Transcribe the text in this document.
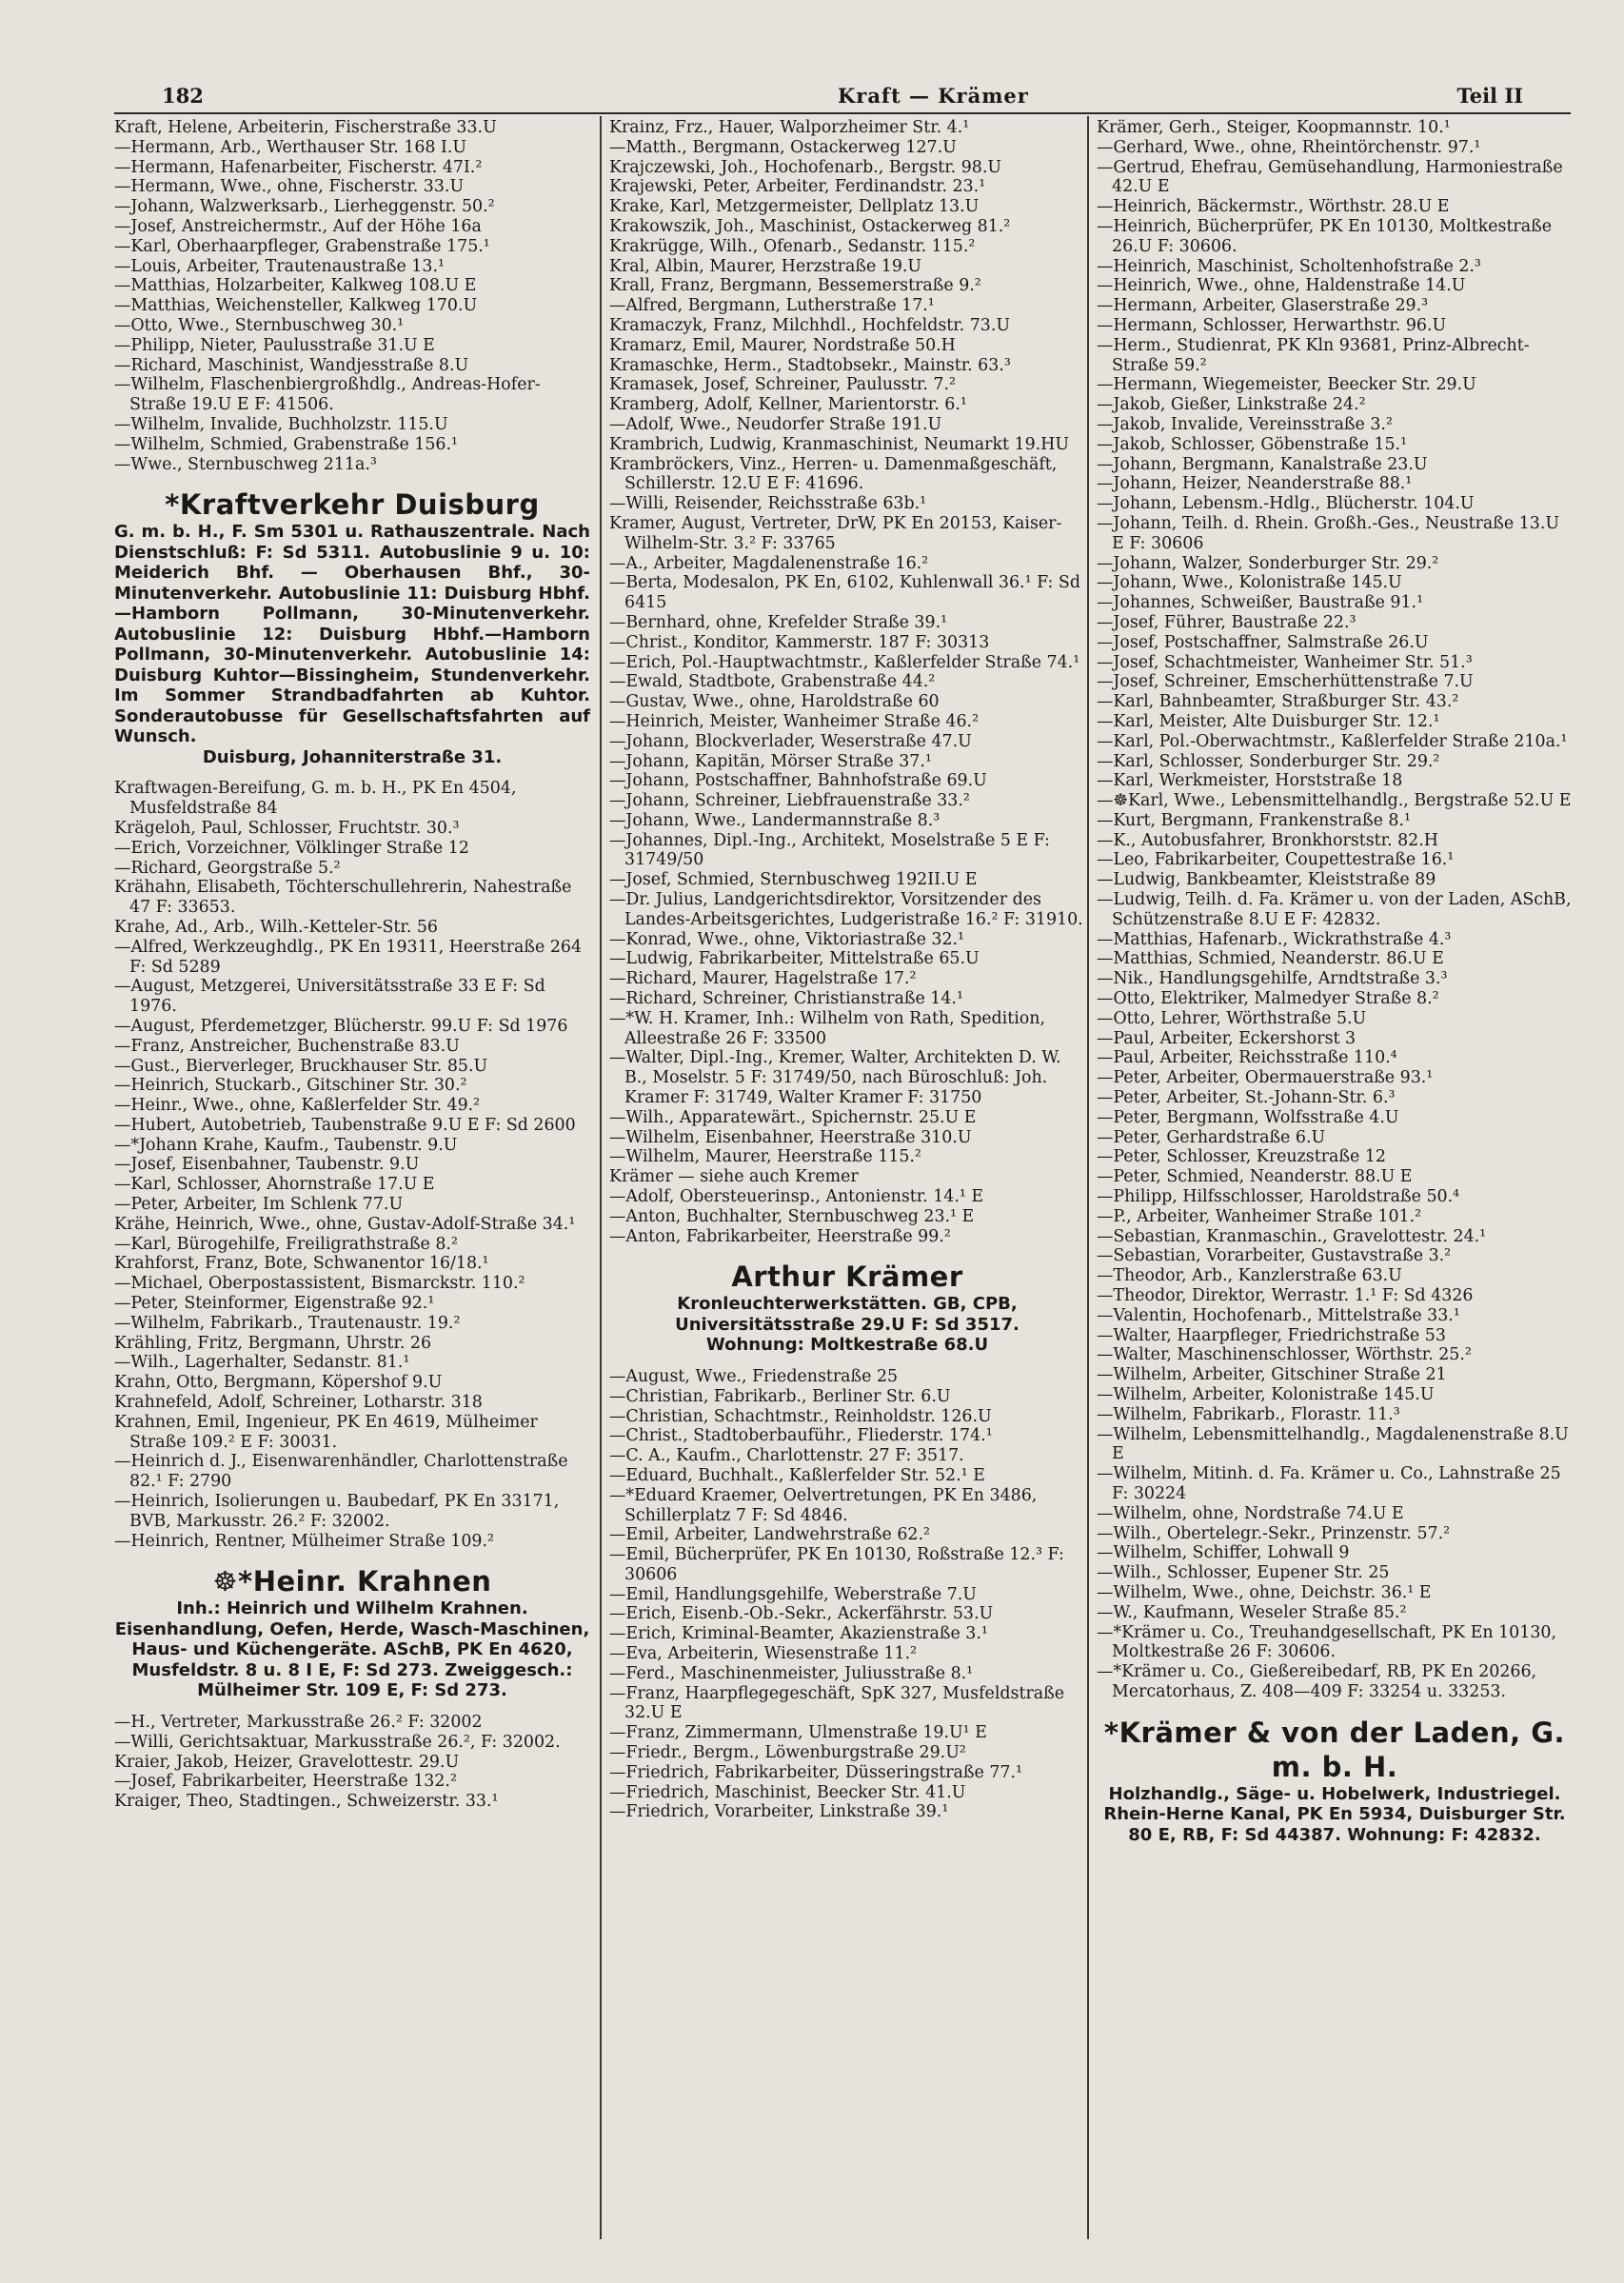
182	Kraft — Krämer	Teil II
Kraft, Helene, Arbeiterin, Fischerstraße 33.U
—Hermann, Arb., Werthauser Str. 168 I.U
—Hermann, Hafenarbeiter, Fischerstr. 47I.²
—Hermann, Wwe., ohne, Fischerstr. 33.U
—Johann, Walzwerksarb., Lierheggenstr. 50.²
—Josef, Anstreichermstr., Auf der Höhe 16a
—Karl, Oberhaarpfleger, Grabenstraße 175.¹
—Louis, Arbeiter, Trautenaustraße 13.¹
—Matthias, Holzarbeiter, Kalkweg 108.U E
—Matthias, Weichensteller, Kalkweg 170.U
—Otto, Wwe., Sternbuschweg 30.¹
—Philipp, Nieter, Paulusstraße 31.U E
—Richard, Maschinist, Wandjesstraße 8.U
—Wilhelm, Flaschenbiergroßhdlg., Andreas-Hofer-Straße 19.U E F: 41506.
—Wilhelm, Invalide, Buchholzstr. 115.U
—Wilhelm, Schmied, Grabenstraße 156.¹
—Wwe., Sternbuschweg 211a.³
*Kraftverkehr Duisburg
G. m. b. H., F. Sm 5301 u. Rathauszentrale. Nach Dienstschluß: F: Sd 5311. Autobuslinie 9 u. 10: Meiderich Bhf. — Oberhausen Bhf., 30-Minutenverkehr. Autobuslinie 11: Duisburg Hbhf.—Hamborn Pollmann, 30-Minutenverkehr. Autobuslinie 12: Duisburg Hbhf.—Hamborn Pollmann, 30-Minutenverkehr. Autobuslinie 14: Duisburg Kuhtor—Bissingheim, Stundenverkehr. Im Sommer Strandbadfahrten ab Kuhtor. Sonderautobusse für Gesellschaftsfahrten auf Wunsch.
Duisburg, Johanniterstraße 31.
Kraftwagen-Bereifung, G. m. b. H., PK En 4504, Musfeldstraße 84
Krägeloh, Paul, Schlosser, Fruchtstr. 30.³
—Erich, Vorzeichner, Völklinger Straße 12
—Richard, Georgstraße 5.²
Krähahn, Elisabeth, Töchterschullehrerin, Nahestraße 47 F: 33653.
Krahe, Ad., Arb., Wilh.-Ketteler-Str. 56
—Alfred, Werkzeughdlg., PK En 19311, Heerstraße 264 F: Sd 5289
—August, Metzgerei, Universitätsstraße 33 E F: Sd 1976.
—August, Pferdemetzger, Blücherstr. 99.U F: Sd 1976
—Franz, Anstreicher, Buchenstraße 83.U
—Gust., Bierverleger, Bruckhauser Str. 85.U
—Heinrich, Stuckarb., Gitschiner Str. 30.²
—Heinr., Wwe., ohne, Kaßlerfelder Str. 49.²
—Hubert, Autobetrieb, Taubenstraße 9.U E F: Sd 2600
—*Johann Krahe, Kaufm., Taubenstr. 9.U
—Josef, Eisenbahner, Taubenstr. 9.U
—Karl, Schlosser, Ahornstraße 17.U E
—Peter, Arbeiter, Im Schlenk 77.U
Krähe, Heinrich, Wwe., ohne, Gustav-Adolf-Straße 34.¹
—Karl, Bürogehilfe, Freiligrathstraße 8.²
Krahforst, Franz, Bote, Schwanentor 16/18.¹
—Michael, Oberpostassistent, Bismarckstr. 110.²
—Peter, Steinformer, Eigenstraße 92.¹
—Wilhelm, Fabrikarb., Trautenaustr. 19.²
Krähling, Fritz, Bergmann, Uhrstr. 26
—Wilh., Lagerhalter, Sedanstr. 81.¹
Krahn, Otto, Bergmann, Köpershof 9.U
Krahnefeld, Adolf, Schreiner, Lotharstr. 318
Krahnen, Emil, Ingenieur, PK En 4619, Mülheimer Straße 109.² E F: 30031.
—Heinrich d. J., Eisenwarenhändler, Charlottenstraße 82.¹ F: 2790
—Heinrich, Isolierungen u. Baubedarf, PK En 33171, BVB, Markusstr. 26.² F: 32002.
—Heinrich, Rentner, Mülheimer Straße 109.²
☸*Heinr. Krahnen
Inh.: Heinrich und Wilhelm Krahnen. Eisenhandlung, Oefen, Herde, Wasch-Maschinen, Haus- und Küchengeräte. ASchB, PK En 4620, Musfeldstr. 8 u. 8 I E, F: Sd 273. Zweiggesch.: Mülheimer Str. 109 E, F: Sd 273.
—H., Vertreter, Markusstraße 26.² F: 32002
—Willi, Gerichtsaktuar, Markusstraße 26.², F: 32002.
Kraier, Jakob, Heizer, Gravelottestr. 29.U
—Josef, Fabrikarbeiter, Heerstraße 132.²
Kraiger, Theo, Stadtingen., Schweizerstr. 33.¹
Krainz, Frz., Hauer, Walporzheimer Str. 4.¹
—Matth., Bergmann, Ostackerweg 127.U
Krajczewski, Joh., Hochofenarb., Bergstr. 98.U
Krajewski, Peter, Arbeiter, Ferdinandstr. 23.¹
Krake, Karl, Metzgermeister, Dellplatz 13.U
Krakowszik, Joh., Maschinist, Ostackerweg 81.²
Krakrügge, Wilh., Ofenarb., Sedanstr. 115.²
Kral, Albin, Maurer, Herzstraße 19.U
Krall, Franz, Bergmann, Bessemerstraße 9.²
—Alfred, Bergmann, Lutherstraße 17.¹
Kramaczyk, Franz, Milchhdl., Hochfeldstr. 73.U
Kramarz, Emil, Maurer, Nordstraße 50.H
Kramaschke, Herm., Stadtobsekr., Mainstr. 63.³
Kramasek, Josef, Schreiner, Paulusstr. 7.²
Kramberg, Adolf, Kellner, Marientorstr. 6.¹
—Adolf, Wwe., Neudorfer Straße 191.U
Krambrich, Ludwig, Kranmaschinist, Neumarkt 19.HU
Krambröckers, Vinz., Herren- u. Damenmaßgeschäft, Schillerstr. 12.U E F: 41696.
—Willi, Reisender, Reichsstraße 63b.¹
Kramer, August, Vertreter, DrW, PK En 20153, Kaiser-Wilhelm-Str. 3.² F: 33765
—A., Arbeiter, Magdalenenstraße 16.²
—Berta, Modesalon, PK En, 6102, Kuhlenwall 36.¹ F: Sd 6415
—Bernhard, ohne, Krefelder Straße 39.¹
—Christ., Konditor, Kammerstr. 187 F: 30313
—Erich, Pol.-Hauptwachtmstr., Kaßlerfelder Straße 74.¹
—Ewald, Stadtbote, Grabenstraße 44.²
—Gustav, Wwe., ohne, Haroldstraße 60
—Heinrich, Meister, Wanheimer Straße 46.²
—Johann, Blockverlader, Weserstraße 47.U
—Johann, Kapitän, Mörser Straße 37.¹
—Johann, Postschaffner, Bahnhofstraße 69.U
—Johann, Schreiner, Liebfrauenstraße 33.²
—Johann, Wwe., Landermannstraße 8.³
—Johannes, Dipl.-Ing., Architekt, Moselstraße 5 E F: 31749/50
—Josef, Schmied, Sternbuschweg 192II.U E
—Dr. Julius, Landgerichtsdirektor, Vorsitzender des Landes-Arbeitsgerichtes, Ludgeristraße 16.² F: 31910.
—Konrad, Wwe., ohne, Viktoriastraße 32.¹
—Ludwig, Fabrikarbeiter, Mittelstraße 65.U
—Richard, Maurer, Hagelstraße 17.²
—Richard, Schreiner, Christianstraße 14.¹
—*W. H. Kramer, Inh.: Wilhelm von Rath, Spedition, Alleestraße 26 F: 33500
—Walter, Dipl.-Ing., Kremer, Walter, Architekten D. W. B., Moselstr. 5 F: 31749/50, nach Büroschluß: Joh. Kramer F: 31749, Walter Kramer F: 31750
—Wilh., Apparatewärt., Spichernstr. 25.U E
—Wilhelm, Eisenbahner, Heerstraße 310.U
—Wilhelm, Maurer, Heerstraße 115.²
Krämer — siehe auch Kremer
—Adolf, Obersteuerinsp., Antonienstr. 14.¹ E
—Anton, Buchhalter, Sternbuschweg 23.¹ E
—Anton, Fabrikarbeiter, Heerstraße 99.²
Arthur Krämer
Kronleuchterwerkstätten. GB, CPB,
Universitätsstraße 29.U F: Sd 3517.
Wohnung: Moltkestraße 68.U
—August, Wwe., Friedenstraße 25
—Christian, Fabrikarb., Berliner Str. 6.U
—Christian, Schachtmstr., Reinholdstr. 126.U
—Christ., Stadtoberbauführ., Fliederstr. 174.¹
—C. A., Kaufm., Charlottenstr. 27 F: 3517.
—Eduard, Buchhalt., Kaßlerfelder Str. 52.¹ E
—*Eduard Kraemer, Oelvertretungen, PK En 3486, Schillerplatz 7 F: Sd 4846.
—Emil, Arbeiter, Landwehrstraße 62.²
—Emil, Bücherprüfer, PK En 10130, Roßstraße 12.³ F: 30606
—Emil, Handlungsgehilfe, Weberstraße 7.U
—Erich, Eisenb.-Ob.-Sekr., Ackerfährstr. 53.U
—Erich, Kriminal-Beamter, Akazienstraße 3.¹
—Eva, Arbeiterin, Wiesenstraße 11.²
—Ferd., Maschinenmeister, Juliusstraße 8.¹
—Franz, Haarpflegegeschäft, SpK 327, Musfeldstraße 32.U E
—Franz, Zimmermann, Ulmenstraße 19.U¹ E
—Friedr., Bergm., Löwenburgstraße 29.U²
—Friedrich, Fabrikarbeiter, Düsseringstraße 77.¹
—Friedrich, Maschinist, Beecker Str. 41.U
—Friedrich, Vorarbeiter, Linkstraße 39.¹
Krämer, Gerh., Steiger, Koopmannstr. 10.¹
—Gerhard, Wwe., ohne, Rheintörchenstr. 97.¹
—Gertrud, Ehefrau, Gemüsehandlung, Harmoniestraße 42.U E
—Heinrich, Bäckermstr., Wörthstr. 28.U E
—Heinrich, Bücherprüfer, PK En 10130, Moltkestraße 26.U F: 30606.
—Heinrich, Maschinist, Scholtenhofstraße 2.³
—Heinrich, Wwe., ohne, Haldenstraße 14.U
—Hermann, Arbeiter, Glaserstraße 29.³
—Hermann, Schlosser, Herwarthstr. 96.U
—Herm., Studienrat, PK Kln 93681, Prinz-Albrecht-Straße 59.²
—Hermann, Wiegemeister, Beecker Str. 29.U
—Jakob, Gießer, Linkstraße 24.²
—Jakob, Invalide, Vereinsstraße 3.²
—Jakob, Schlosser, Göbenstraße 15.¹
—Johann, Bergmann, Kanalstraße 23.U
—Johann, Heizer, Neanderstraße 88.¹
—Johann, Lebensm.-Hdlg., Blücherstr. 104.U
—Johann, Teilh. d. Rhein. Großh.-Ges., Neustraße 13.U E F: 30606
—Johann, Walzer, Sonderburger Str. 29.²
—Johann, Wwe., Kolonistraße 145.U
—Johannes, Schweißer, Baustraße 91.¹
—Josef, Führer, Baustraße 22.³
—Josef, Postschaffner, Salmstraße 26.U
—Josef, Schachtmeister, Wanheimer Str. 51.³
—Josef, Schreiner, Emscherhüttenstraße 7.U
—Karl, Bahnbeamter, Straßburger Str. 43.²
—Karl, Meister, Alte Duisburger Str. 12.¹
—Karl, Pol.-Oberwachtmstr., Kaßlerfelder Straße 210a.¹
—Karl, Schlosser, Sonderburger Str. 29.²
—Karl, Werkmeister, Horststraße 18
—☸Karl, Wwe., Lebensmittelhandlg., Bergstraße 52.U E
—Kurt, Bergmann, Frankenstraße 8.¹
—K., Autobusfahrer, Bronkhorststr. 82.H
—Leo, Fabrikarbeiter, Coupettestraße 16.¹
—Ludwig, Bankbeamter, Kleiststraße 89
—Ludwig, Teilh. d. Fa. Krämer u. von der Laden, ASchB, Schützenstraße 8.U E F: 42832.
—Matthias, Hafenarb., Wickrathstraße 4.³
—Matthias, Schmied, Neanderstr. 86.U E
—Nik., Handlungsgehilfe, Arndtstraße 3.³
—Otto, Elektriker, Malmedyer Straße 8.²
—Otto, Lehrer, Wörthstraße 5.U
—Paul, Arbeiter, Eckershorst 3
—Paul, Arbeiter, Reichsstraße 110.⁴
—Peter, Arbeiter, Obermauerstraße 93.¹
—Peter, Arbeiter, St.-Johann-Str. 6.³
—Peter, Bergmann, Wolfsstraße 4.U
—Peter, Gerhardstraße 6.U
—Peter, Schlosser, Kreuzstraße 12
—Peter, Schmied, Neanderstr. 88.U E
—Philipp, Hilfsschlosser, Haroldstraße 50.⁴
—P., Arbeiter, Wanheimer Straße 101.²
—Sebastian, Kranmaschin., Gravelottestr. 24.¹
—Sebastian, Vorarbeiter, Gustavstraße 3.²
—Theodor, Arb., Kanzlerstraße 63.U
—Theodor, Direktor, Werrastr. 1.¹ F: Sd 4326
—Valentin, Hochofenarb., Mittelstraße 33.¹
—Walter, Haarpfleger, Friedrichstraße 53
—Walter, Maschinenschlosser, Wörthstr. 25.²
—Wilhelm, Arbeiter, Gitschiner Straße 21
—Wilhelm, Arbeiter, Kolonistraße 145.U
—Wilhelm, Fabrikarb., Florastr. 11.³
—Wilhelm, Lebensmittelhandlg., Magdalenenstraße 8.U E
—Wilhelm, Mitinh. d. Fa. Krämer u. Co., Lahnstraße 25 F: 30224
—Wilhelm, ohne, Nordstraße 74.U E
—Wilh., Obertelegr.-Sekr., Prinzenstr. 57.²
—Wilhelm, Schiffer, Lohwall 9
—Wilh., Schlosser, Eupener Str. 25
—Wilhelm, Wwe., ohne, Deichstr. 36.¹ E
—W., Kaufmann, Weseler Straße 85.²
—*Krämer u. Co., Treuhandgesellschaft, PK En 10130, Moltkestraße 26 F: 30606.
—*Krämer u. Co., Gießereibedarf, RB, PK En 20266, Mercatorhaus, Z. 408—409 F: 33254 u. 33253.
*Krämer & von der Laden, G. m. b. H.
Holzhandlg., Säge- u. Hobelwerk, Industriegel. Rhein-Herne Kanal, PK En 5934, Duisburger Str. 80 E, RB, F: Sd 44387. Wohnung: F: 42832.
